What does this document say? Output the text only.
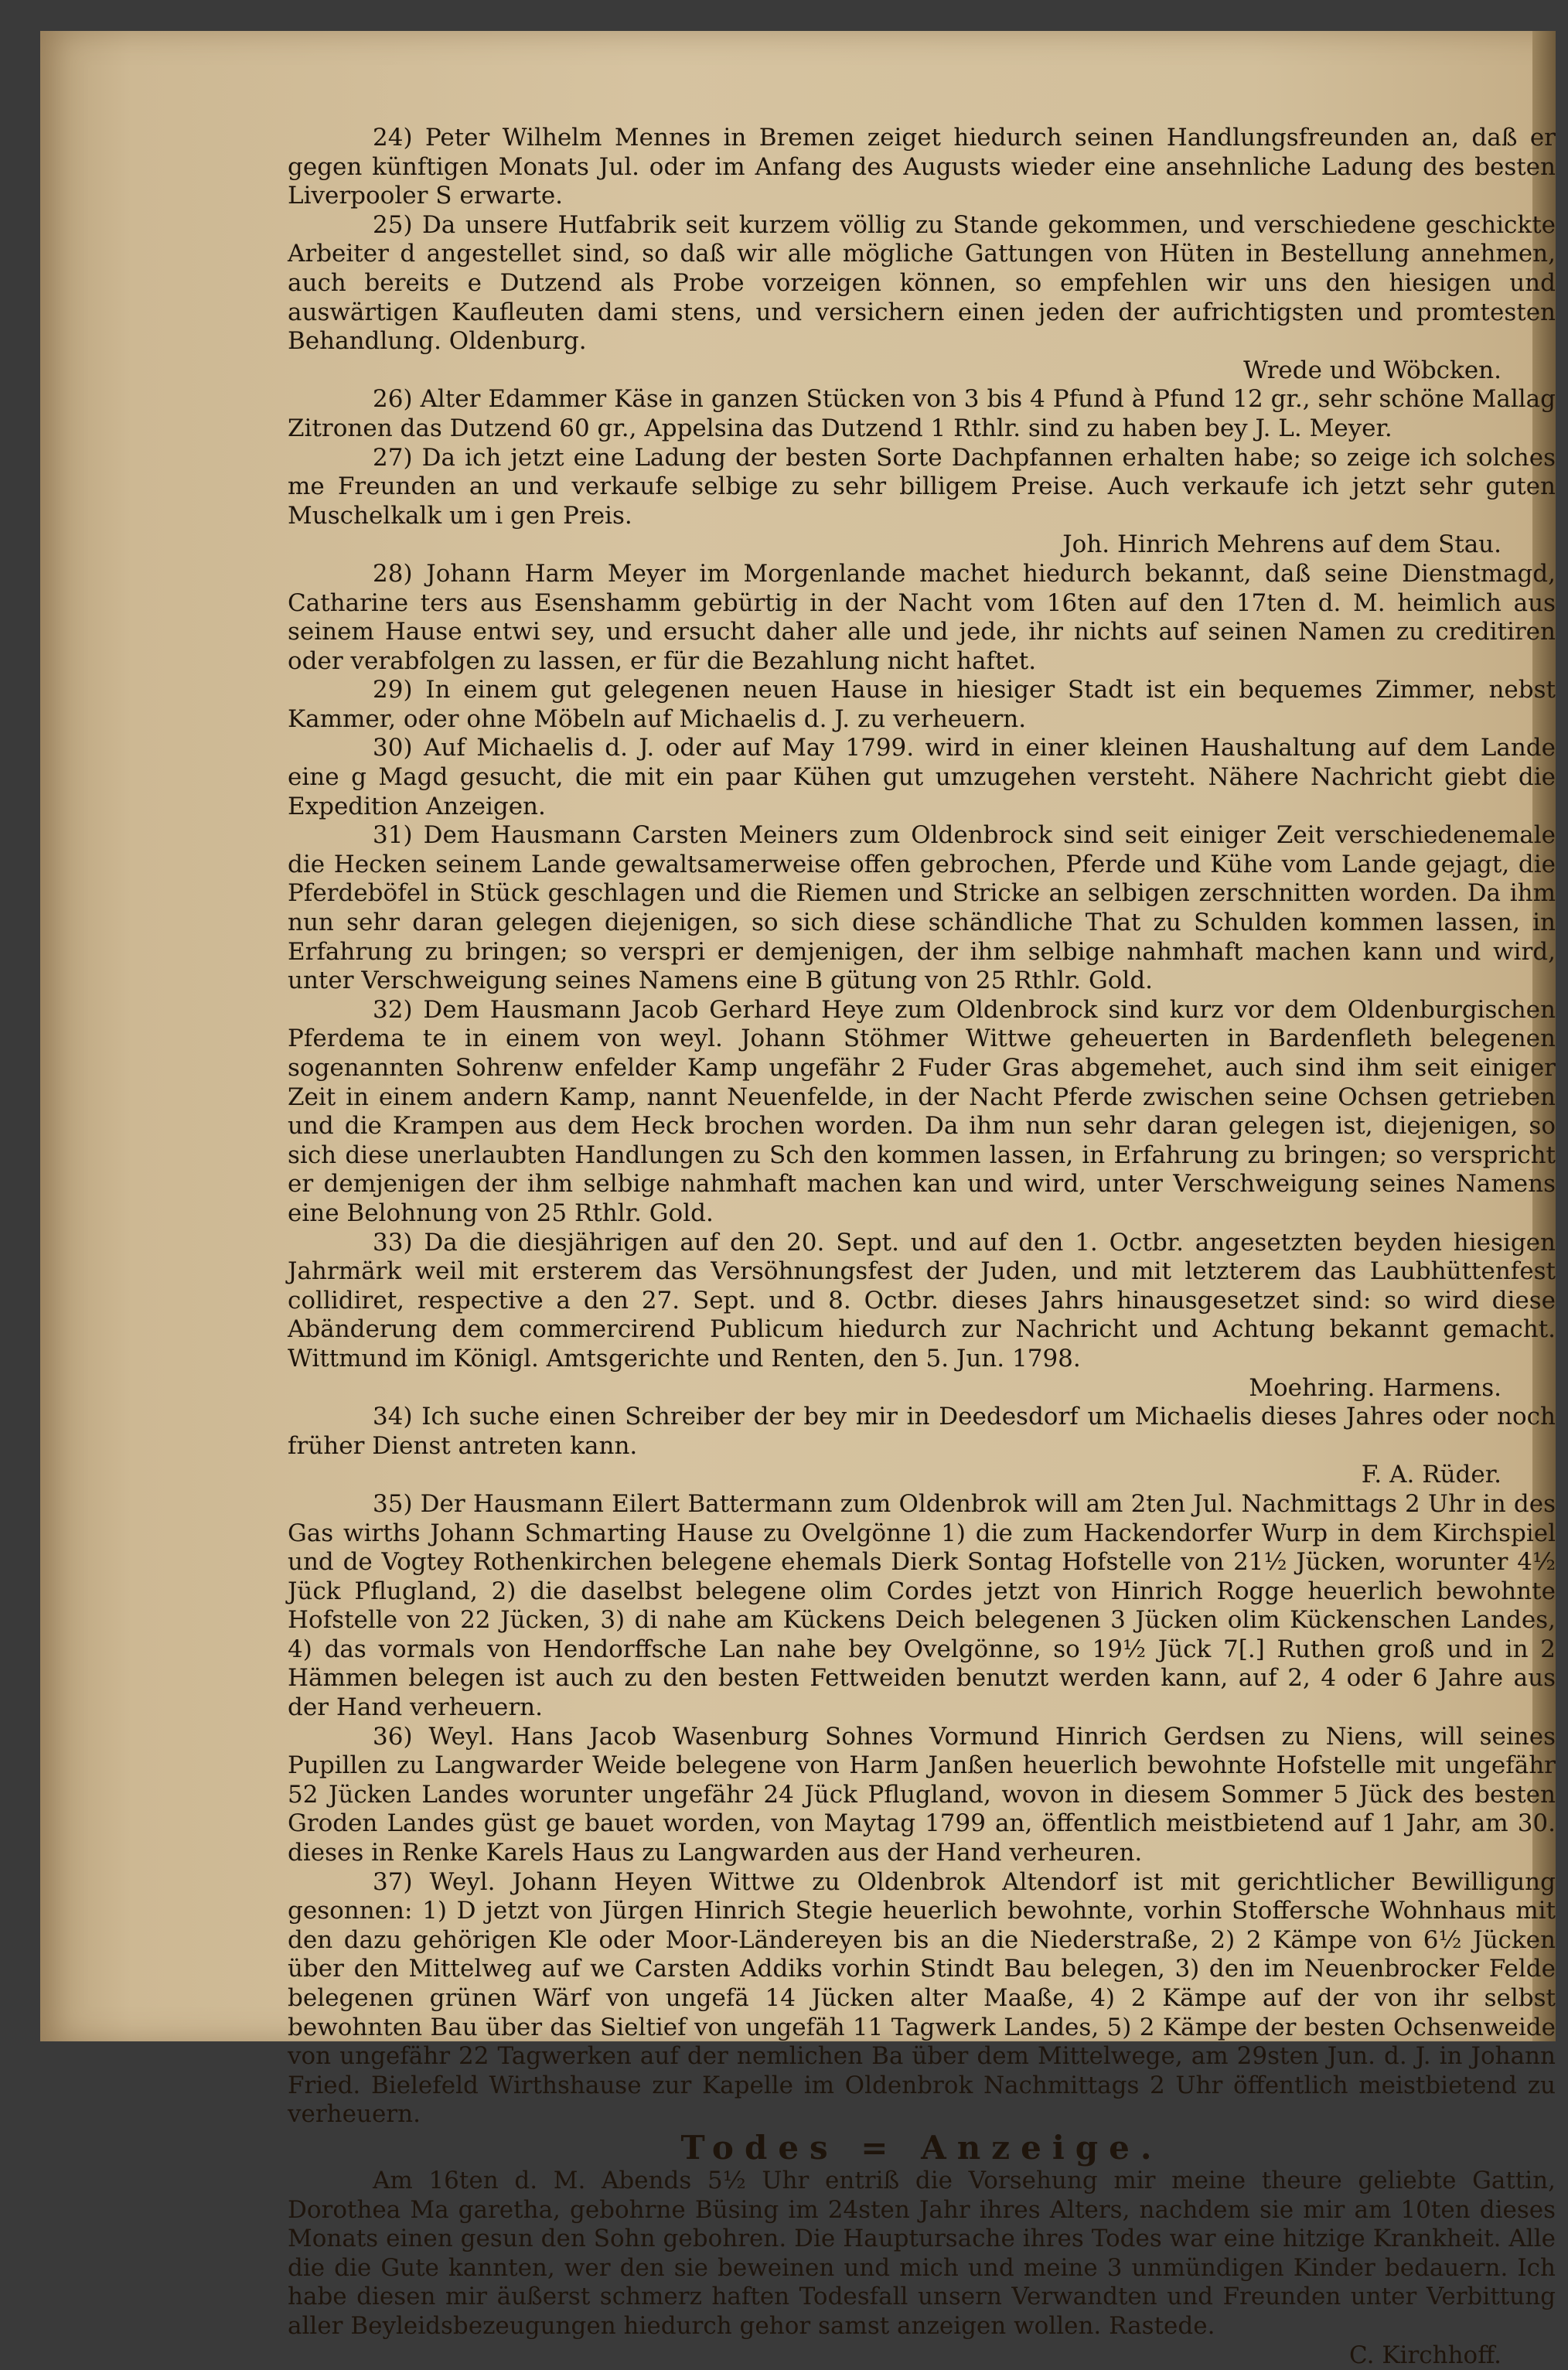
24) Peter Wilhelm Mennes in Bremen zeiget hiedurch seinen Handlungsfreunden an, daß er gegen künftigen Monats Jul. oder im Anfang des Augusts wieder eine ansehnliche Ladung des besten Liverpooler S erwarte.

25) Da unsere Hutfabrik seit kurzem völlig zu Stande gekommen, und verschiedene geschickte Arbeiter d angestellet sind, so daß wir alle mögliche Gattungen von Hüten in Bestellung annehmen, auch bereits e Dutzend als Probe vorzeigen können, so empfehlen wir uns den hiesigen und auswärtigen Kaufleuten dami stens, und versichern einen jeden der aufrichtigsten und promtesten Behandlung. Oldenburg.

Wrede und Wöbcken.

26) Alter Edammer Käse in ganzen Stücken von 3 bis 4 Pfund à Pfund 12 gr., sehr schöne Mallag Zitronen das Dutzend 60 gr., Appelsina das Dutzend 1 Rthlr. sind zu haben bey J. L. Meyer.

27) Da ich jetzt eine Ladung der besten Sorte Dachpfannen erhalten habe; so zeige ich solches me Freunden an und verkaufe selbige zu sehr billigem Preise. Auch verkaufe ich jetzt sehr guten Muschelkalk um i gen Preis.

Joh. Hinrich Mehrens auf dem Stau.

28) Johann Harm Meyer im Morgenlande machet hiedurch bekannt, daß seine Dienstmagd, Catharine ters aus Esenshamm gebürtig in der Nacht vom 16ten auf den 17ten d. M. heimlich aus seinem Hause entwi sey, und ersucht daher alle und jede, ihr nichts auf seinen Namen zu creditiren oder verabfolgen zu lassen, er für die Bezahlung nicht haftet.

29) In einem gut gelegenen neuen Hause in hiesiger Stadt ist ein bequemes Zimmer, nebst Kammer, oder ohne Möbeln auf Michaelis d. J. zu verheuern.

30) Auf Michaelis d. J. oder auf May 1799. wird in einer kleinen Haushaltung auf dem Lande eine g Magd gesucht, die mit ein paar Kühen gut umzugehen versteht. Nähere Nachricht giebt die Expedition Anzeigen.

31) Dem Hausmann Carsten Meiners zum Oldenbrock sind seit einiger Zeit verschiedenemale die Hecken seinem Lande gewaltsamerweise offen gebrochen, Pferde und Kühe vom Lande gejagt, die Pferdeböfel in Stück geschlagen und die Riemen und Stricke an selbigen zerschnitten worden. Da ihm nun sehr daran gelegen diejenigen, so sich diese schändliche That zu Schulden kommen lassen, in Erfahrung zu bringen; so verspri er demjenigen, der ihm selbige nahmhaft machen kann und wird, unter Verschweigung seines Namens eine B gütung von 25 Rthlr. Gold.

32) Dem Hausmann Jacob Gerhard Heye zum Oldenbrock sind kurz vor dem Oldenburgischen Pferdema te in einem von weyl. Johann Stöhmer Wittwe geheuerten in Bardenfleth belegenen sogenannten Sohrenw enfelder Kamp ungefähr 2 Fuder Gras abgemehet, auch sind ihm seit einiger Zeit in einem andern Kamp, nannt Neuenfelde, in der Nacht Pferde zwischen seine Ochsen getrieben und die Krampen aus dem Heck brochen worden. Da ihm nun sehr daran gelegen ist, diejenigen, so sich diese unerlaubten Handlungen zu Sch den kommen lassen, in Erfahrung zu bringen; so verspricht er demjenigen der ihm selbige nahmhaft machen kan und wird, unter Verschweigung seines Namens eine Belohnung von 25 Rthlr. Gold.

33) Da die diesjährigen auf den 20. Sept. und auf den 1. Octbr. angesetzten beyden hiesigen Jahrmärk weil mit ersterem das Versöhnungsfest der Juden, und mit letzterem das Laubhüttenfest collidiret, respective a den 27. Sept. und 8. Octbr. dieses Jahrs hinausgesetzet sind: so wird diese Abänderung dem commercirend Publicum hiedurch zur Nachricht und Achtung bekannt gemacht. Wittmund im Königl. Amtsgerichte und Renten, den 5. Jun. 1798.

Moehring. Harmens.

34) Ich suche einen Schreiber der bey mir in Deedesdorf um Michaelis dieses Jahres oder noch früher Dienst antreten kann.

F. A. Rüder.

35) Der Hausmann Eilert Battermann zum Oldenbrok will am 2ten Jul. Nachmittags 2 Uhr in des Gas wirths Johann Schmarting Hause zu Ovelgönne 1) die zum Hackendorfer Wurp in dem Kirchspiel und de Vogtey Rothenkirchen belegene ehemals Dierk Sontag Hofstelle von 21½ Jücken, worunter 4½ Jück Pflugland, 2) die daselbst belegene olim Cordes jetzt von Hinrich Rogge heuerlich bewohnte Hofstelle von 22 Jücken, 3) di nahe am Kückens Deich belegenen 3 Jücken olim Kückenschen Landes, 4) das vormals von Hendorffsche Lan nahe bey Ovelgönne, so 19½ Jück 7[.] Ruthen groß und in 2 Hämmen belegen ist auch zu den besten Fettweiden benutzt werden kann, auf 2, 4 oder 6 Jahre aus der Hand verheuern.

36) Weyl. Hans Jacob Wasenburg Sohnes Vormund Hinrich Gerdsen zu Niens, will seines Pupillen zu Langwarder Weide belegene von Harm Janßen heuerlich bewohnte Hofstelle mit ungefähr 52 Jücken Landes worunter ungefähr 24 Jück Pflugland, wovon in diesem Sommer 5 Jück des besten Groden Landes güst ge bauet worden, von Maytag 1799 an, öffentlich meistbietend auf 1 Jahr, am 30. dieses in Renke Karels Haus zu Langwarden aus der Hand verheuren.

37) Weyl. Johann Heyen Wittwe zu Oldenbrok Altendorf ist mit gerichtlicher Bewilligung gesonnen: 1) D jetzt von Jürgen Hinrich Stegie heuerlich bewohnte, vorhin Stoffersche Wohnhaus mit den dazu gehörigen Kle oder Moor-Ländereyen bis an die Niederstraße, 2) 2 Kämpe von 6½ Jücken über den Mittelweg auf we Carsten Addiks vorhin Stindt Bau belegen, 3) den im Neuenbrocker Felde belegenen grünen Wärf von ungefä 14 Jücken alter Maaße, 4) 2 Kämpe auf der von ihr selbst bewohnten Bau über das Sieltief von ungefäh 11 Tagwerk Landes, 5) 2 Kämpe der besten Ochsenweide von ungefähr 22 Tagwerken auf der nemlichen Ba über dem Mittelwege, am 29sten Jun. d. J. in Johann Fried. Bielefeld Wirthshause zur Kapelle im Oldenbrok Nachmittags 2 Uhr öffentlich meistbietend zu verheuern.

Todes = Anzeige.

Am 16ten d. M. Abends 5½ Uhr entriß die Vorsehung mir meine theure geliebte Gattin, Dorothea Ma garetha, gebohrne Büsing im 24sten Jahr ihres Alters, nachdem sie mir am 10ten dieses Monats einen gesun den Sohn gebohren. Die Hauptursache ihres Todes war eine hitzige Krankheit. Alle die die Gute kannten, wer den sie beweinen und mich und meine 3 unmündigen Kinder bedauern. Ich habe diesen mir äußerst schmerz haften Todesfall unsern Verwandten und Freunden unter Verbittung aller Beyleidsbezeugungen hiedurch gehor samst anzeigen wollen. Rastede.

C. Kirchhoff.
